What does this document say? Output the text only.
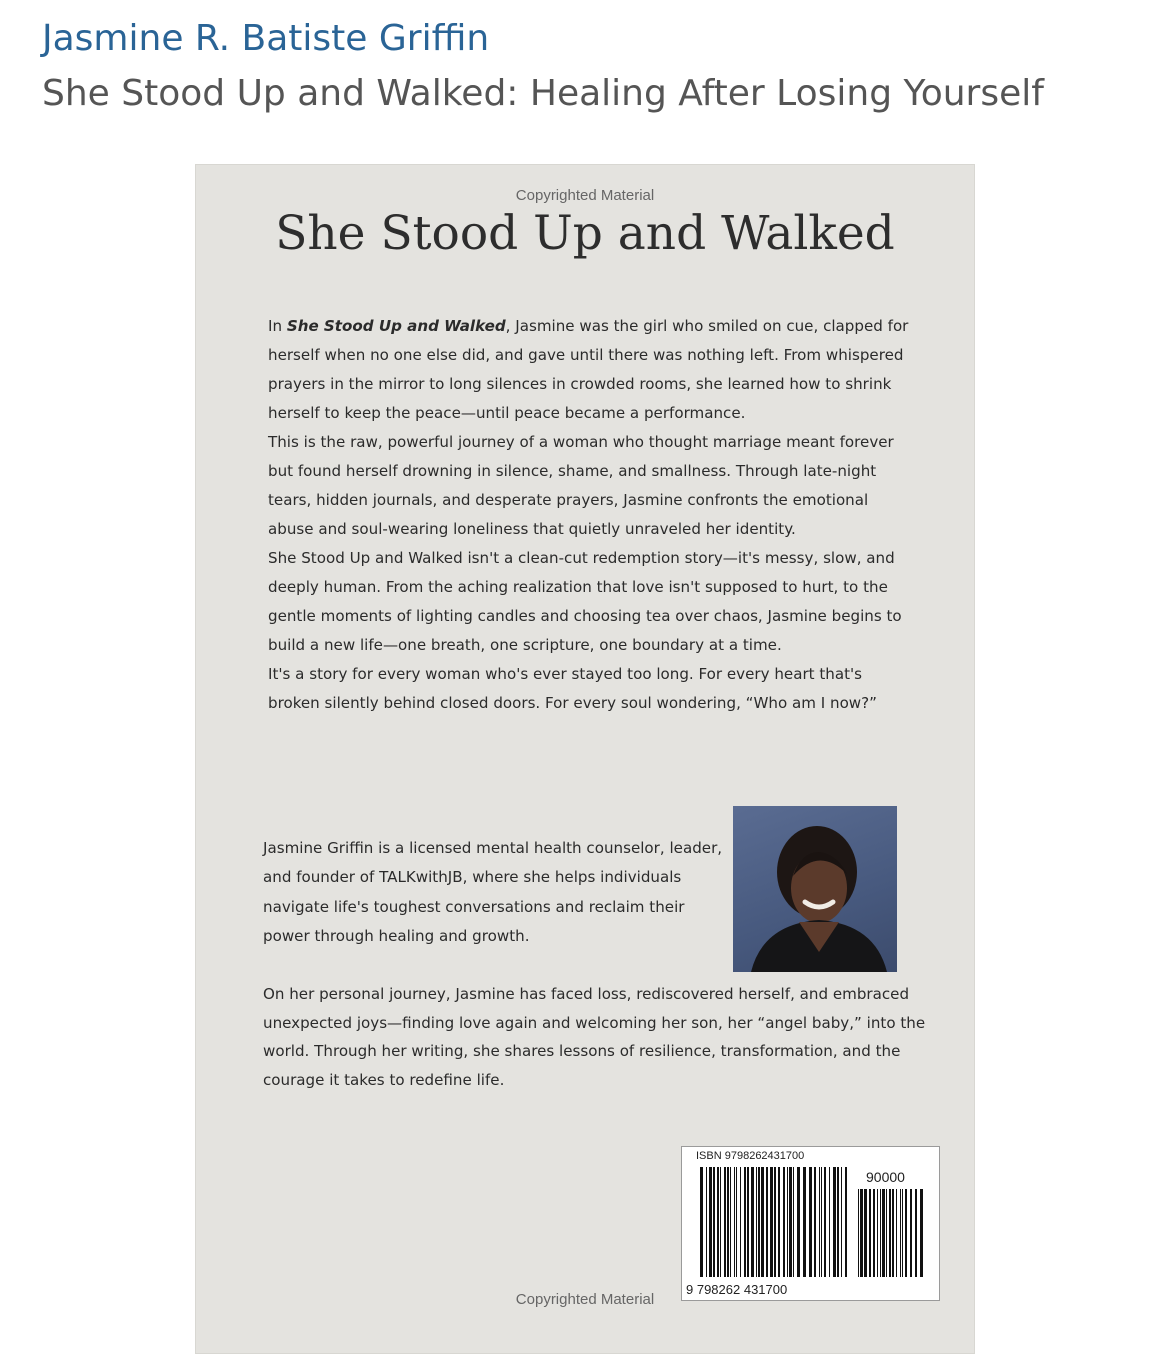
Jasmine R. Batiste Griffin
She Stood Up and Walked: Healing After Losing Yourself
Copyrighted Material
She Stood Up and Walked

In She Stood Up and Walked, Jasmine was the girl who smiled on cue, clapped for herself when no one else did, and gave until there was nothing left. From whispered prayers in the mirror to long silences in crowded rooms, she learned how to shrink herself to keep the peace—until peace became a performance.

This is the raw, powerful journey of a woman who thought marriage meant forever but found herself drowning in silence, shame, and smallness. Through late-night tears, hidden journals, and desperate prayers, Jasmine confronts the emotional abuse and soul-wearing loneliness that quietly unraveled her identity.

She Stood Up and Walked isn't a clean-cut redemption story—it's messy, slow, and deeply human. From the aching realization that love isn't supposed to hurt, to the gentle moments of lighting candles and choosing tea over chaos, Jasmine begins to build a new life—one breath, one scripture, one boundary at a time.

It's a story for every woman who's ever stayed too long. For every heart that's broken silently behind closed doors. For every soul wondering, “Who am I now?”

Jasmine Griffin is a licensed mental health counselor, leader, and founder of TALKwithJB, where she helps individuals navigate life's toughest conversations and reclaim their power through healing and growth.
On her personal journey, Jasmine has faced loss, rediscovered herself, and embraced unexpected joys—finding love again and welcoming her son, her “angel baby,” into the world. Through her writing, she shares lessons of resilience, transformation, and the courage it takes to redefine life.
ISBN 9798262431700
90000
9 798262 431700
Copyrighted Material
